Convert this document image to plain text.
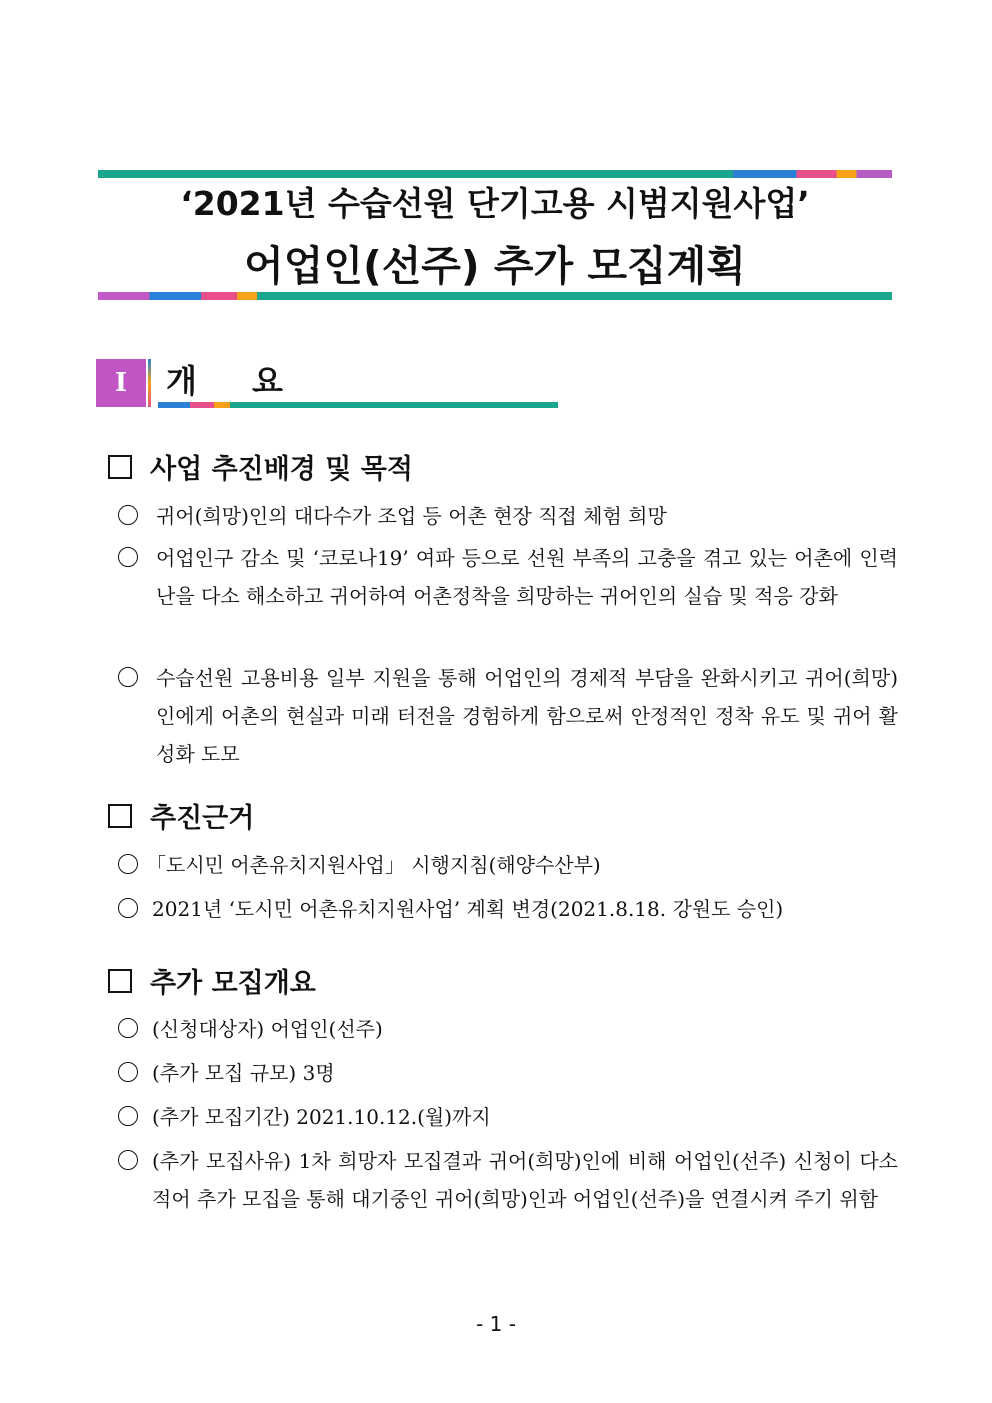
‘2021년 수습선원 단기고용 시범지원사업’
어업인(선주) 추가 모집계획
Ⅰ	개 요
사업 추진배경 및 목적
귀어(희망)인의 대다수가 조업 등 어촌 현장 직접 체험 희망
어업인구 감소 및 ‘코로나19’ 여파 등으로 선원 부족의 고충을 겪고 있는 어촌에 인력난을 다소 해소하고 귀어하여 어촌정착을 희망하는 귀어인의 실습 및 적응 강화
수습선원 고용비용 일부 지원을 통해 어업인의 경제적 부담을 완화시키고 귀어(희망)인에게 어촌의 현실과 미래 터전을 경험하게 함으로써 안정적인 정착 유도 및 귀어 활성화 도모
추진근거
「도시민 어촌유치지원사업」 시행지침(해양수산부)
2021년 ‘도시민 어촌유치지원사업’ 계획 변경(2021.8.18. 강원도 승인)
추가 모집개요
(신청대상자) 어업인(선주)
(추가 모집 규모) 3명
(추가 모집기간) 2021.10.12.(월)까지
(추가 모집사유) 1차 희망자 모집결과 귀어(희망)인에 비해 어업인(선주) 신청이 다소 적어 추가 모집을 통해 대기중인 귀어(희망)인과 어업인(선주)을 연결시켜 주기 위함
- 1 -
